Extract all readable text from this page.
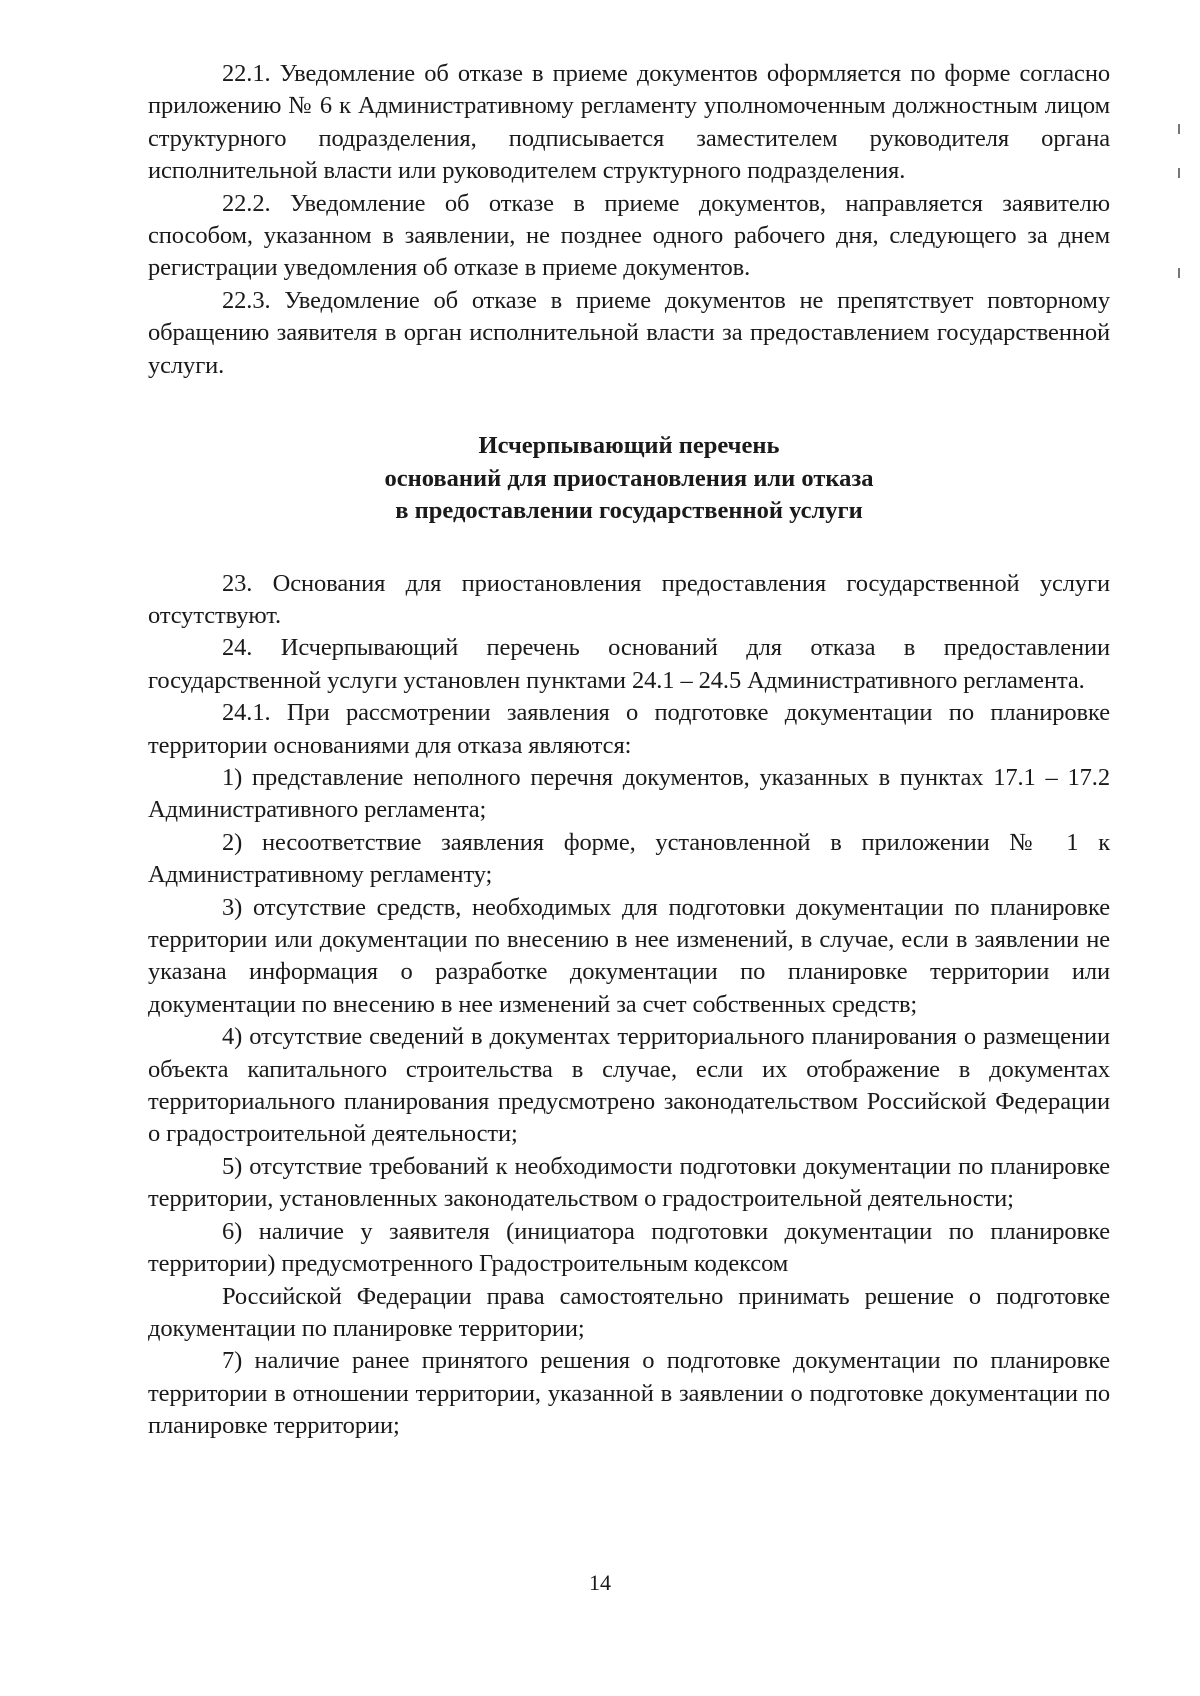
22.1. Уведомление об отказе в приеме документов оформляется по форме согласно приложению № 6 к Административному регламенту уполномоченным должностным лицом структурного подразделения, подписывается заместителем руководителя органа исполнительной власти или руководителем структурного подразделения.

22.2. Уведомление об отказе в приеме документов, направляется заявителю способом, указанном в заявлении, не позднее одного рабочего дня, следующего за днем регистрации уведомления об отказе в приеме документов.

22.3. Уведомление об отказе в приеме документов не препятствует повторному обращению заявителя в орган исполнительной власти за предоставлением государственной услуги.

Исчерпывающий перечень
оснований для приостановления или отказа
в предоставлении государственной услуги

23. Основания для приостановления предоставления государственной услуги отсутствуют.

24. Исчерпывающий перечень оснований для отказа в предоставлении государственной услуги установлен пунктами 24.1 – 24.5 Административного регламента.

24.1. При рассмотрении заявления о подготовке документации по планировке территории основаниями для отказа являются:

1) представление неполного перечня документов, указанных в пунктах 17.1 – 17.2 Административного регламента;

2) несоответствие заявления форме, установленной в приложении № 1 к Административному регламенту;

3) отсутствие средств, необходимых для подготовки документации по планировке территории или документации по внесению в нее изменений, в случае, если в заявлении не указана информация о разработке документации по планировке территории или документации по внесению в нее изменений за счет собственных средств;

4) отсутствие сведений в документах территориального планирования о размещении объекта капитального строительства в случае, если их отображение в документах территориального планирования предусмотрено законодательством Российской Федерации о градостроительной деятельности;

5) отсутствие требований к необходимости подготовки документации по планировке территории, установленных законодательством о градостроительной деятельности;

6) наличие у заявителя (инициатора подготовки документации по планировке территории) предусмотренного Градостроительным кодексом

Российской Федерации права самостоятельно принимать решение о подготовке документации по планировке территории;

7) наличие ранее принятого решения о подготовке документации по планировке территории в отношении территории, указанной в заявлении о подготовке документации по планировке территории;

14
